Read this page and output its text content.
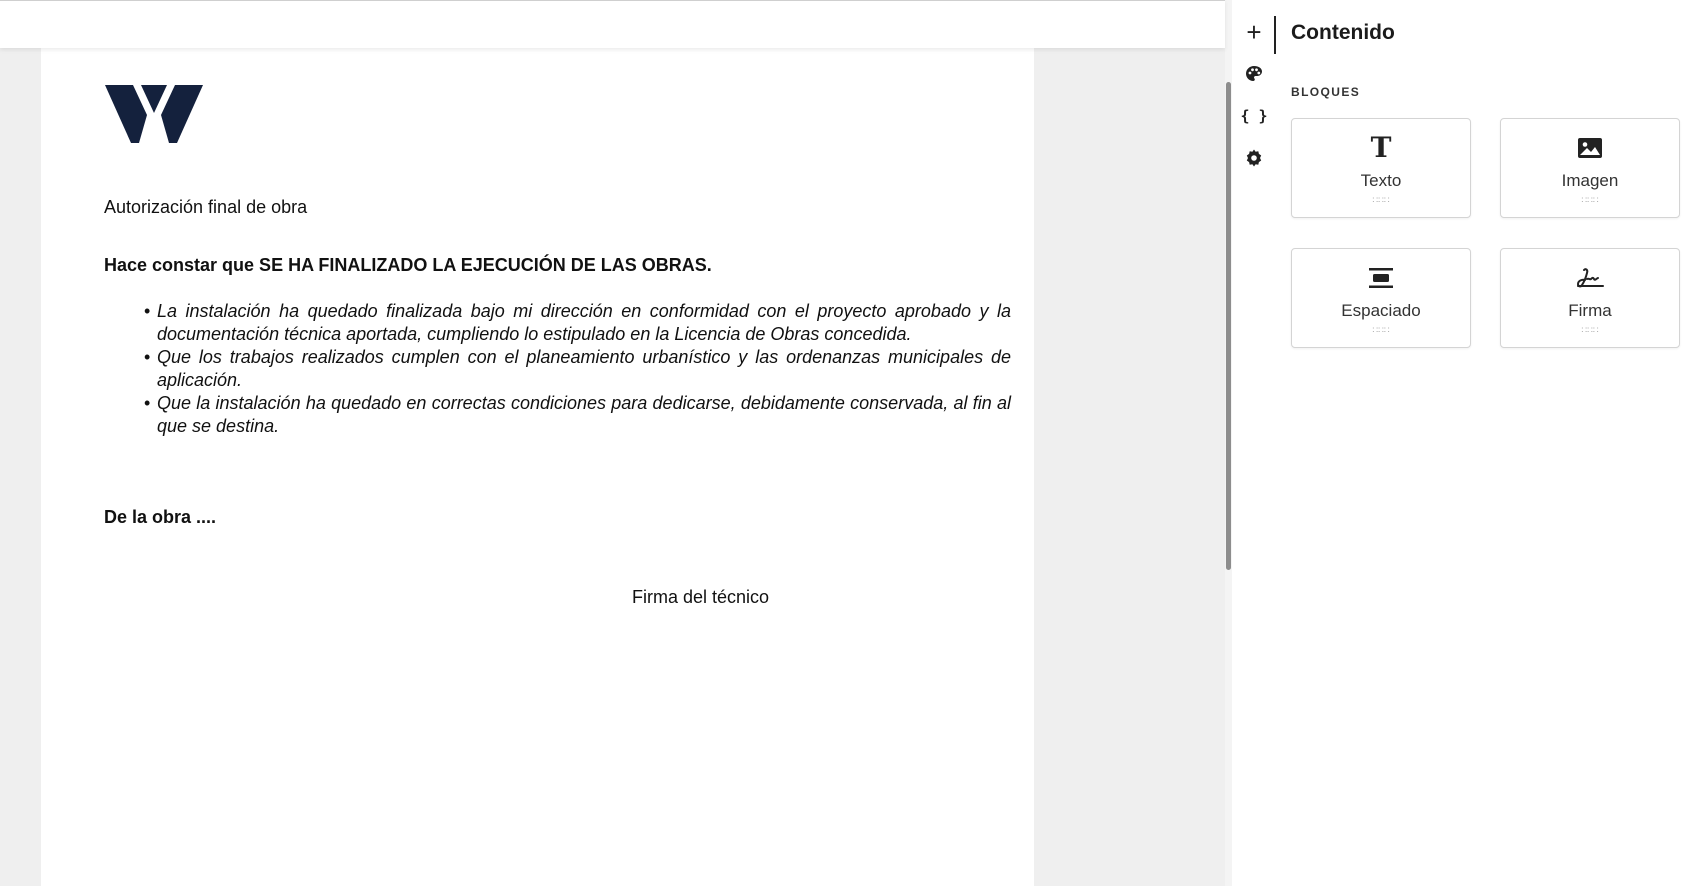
Autorización final de obra
Hace constar que SE HA FINALIZADO LA EJECUCIÓN DE LAS OBRAS.
• La instalación ha quedado finalizada bajo mi dirección en conformidad con el proyecto aprobado y la documentación técnica aportada, cumpliendo lo estipulado en la Licencia de Obras concedida.
• Que los trabajos realizados cumplen con el planeamiento urbanístico y las ordenanzas municipales de aplicación.
• Que la instalación ha quedado en correctas condiciones para dedicarse, debidamente conservada, al fin al que se destina.
De la obra ....
Firma del técnico
+
{ }
Contenido
BLOQUES
T
Texto
∷∷∷
Imagen
∷∷∷
Espaciado
∷∷∷
Firma
∷∷∷
